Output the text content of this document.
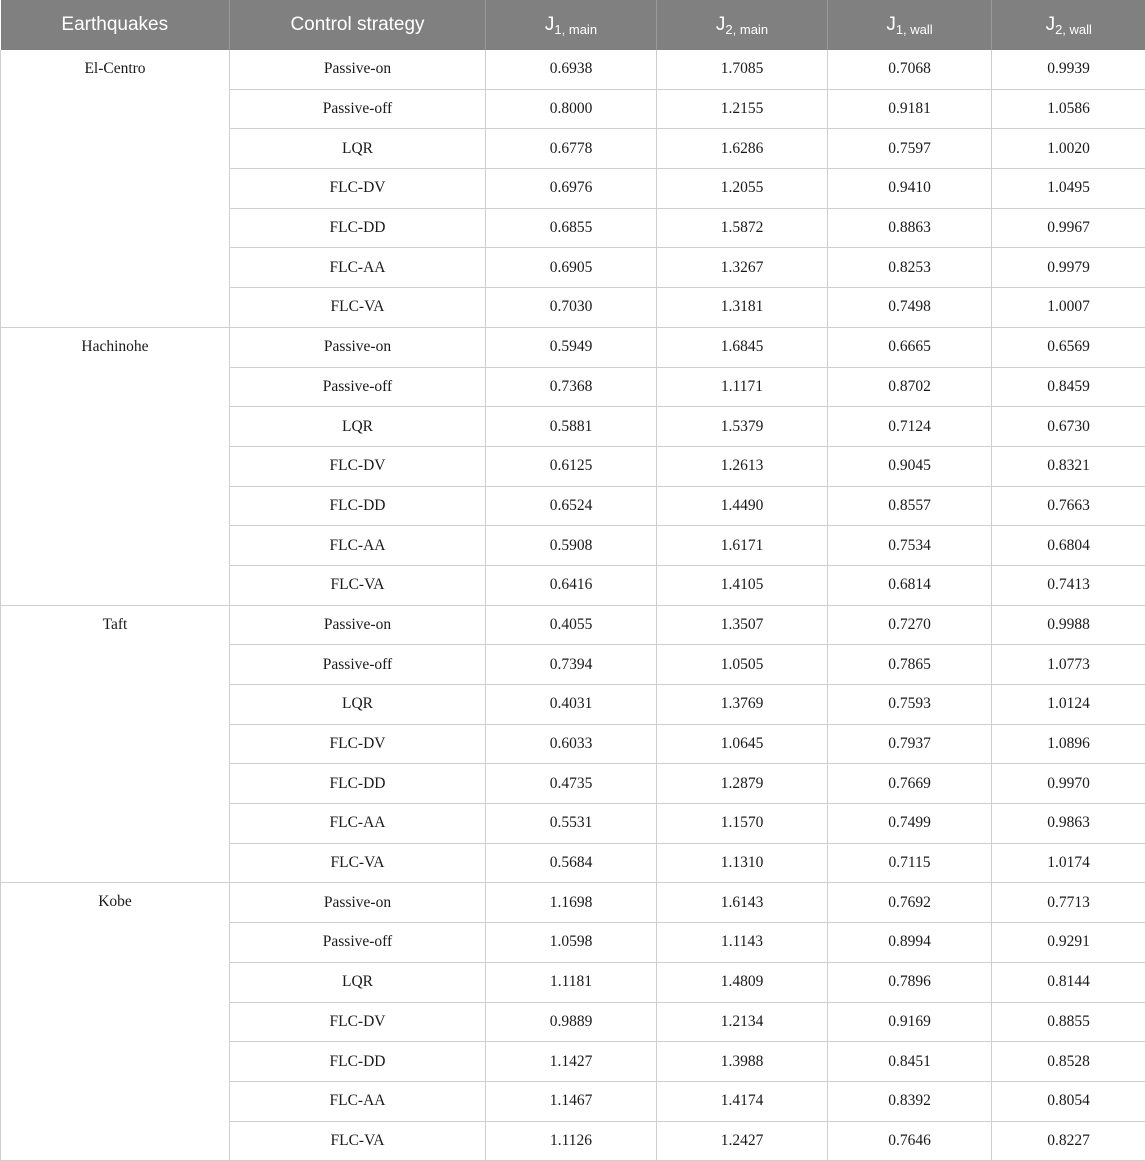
Earthquakes	Control strategy	$J_{1, main}$	$J_{2, main}$	$J_{1, wall}$	$J_{2, wall}$
El-Centro	Passive-on	0.6938	1.7085	0.7068	0.9939
	Passive-off	0.8000	1.2155	0.9181	1.0586
	LQR	0.6778	1.6286	0.7597	1.0020
	FLC-DV	0.6976	1.2055	0.9410	1.0495
	FLC-DD	0.6855	1.5872	0.8863	0.9967
	FLC-AA	0.6905	1.3267	0.8253	0.9979
	FLC-VA	0.7030	1.3181	0.7498	1.0007
Hachinohe	Passive-on	0.5949	1.6845	0.6665	0.6569
	Passive-off	0.7368	1.1171	0.8702	0.8459
	LQR	0.5881	1.5379	0.7124	0.6730
	FLC-DV	0.6125	1.2613	0.9045	0.8321
	FLC-DD	0.6524	1.4490	0.8557	0.7663
	FLC-AA	0.5908	1.6171	0.7534	0.6804
	FLC-VA	0.6416	1.4105	0.6814	0.7413
Taft	Passive-on	0.4055	1.3507	0.7270	0.9988
	Passive-off	0.7394	1.0505	0.7865	1.0773
	LQR	0.4031	1.3769	0.7593	1.0124
	FLC-DV	0.6033	1.0645	0.7937	1.0896
	FLC-DD	0.4735	1.2879	0.7669	0.9970
	FLC-AA	0.5531	1.1570	0.7499	0.9863
	FLC-VA	0.5684	1.1310	0.7115	1.0174
Kobe	Passive-on	1.1698	1.6143	0.7692	0.7713
	Passive-off	1.0598	1.1143	0.8994	0.9291
	LQR	1.1181	1.4809	0.7896	0.8144
	FLC-DV	0.9889	1.2134	0.9169	0.8855
	FLC-DD	1.1427	1.3988	0.8451	0.8528
	FLC-AA	1.1467	1.4174	0.8392	0.8054
	FLC-VA	1.1126	1.2427	0.7646	0.8227
